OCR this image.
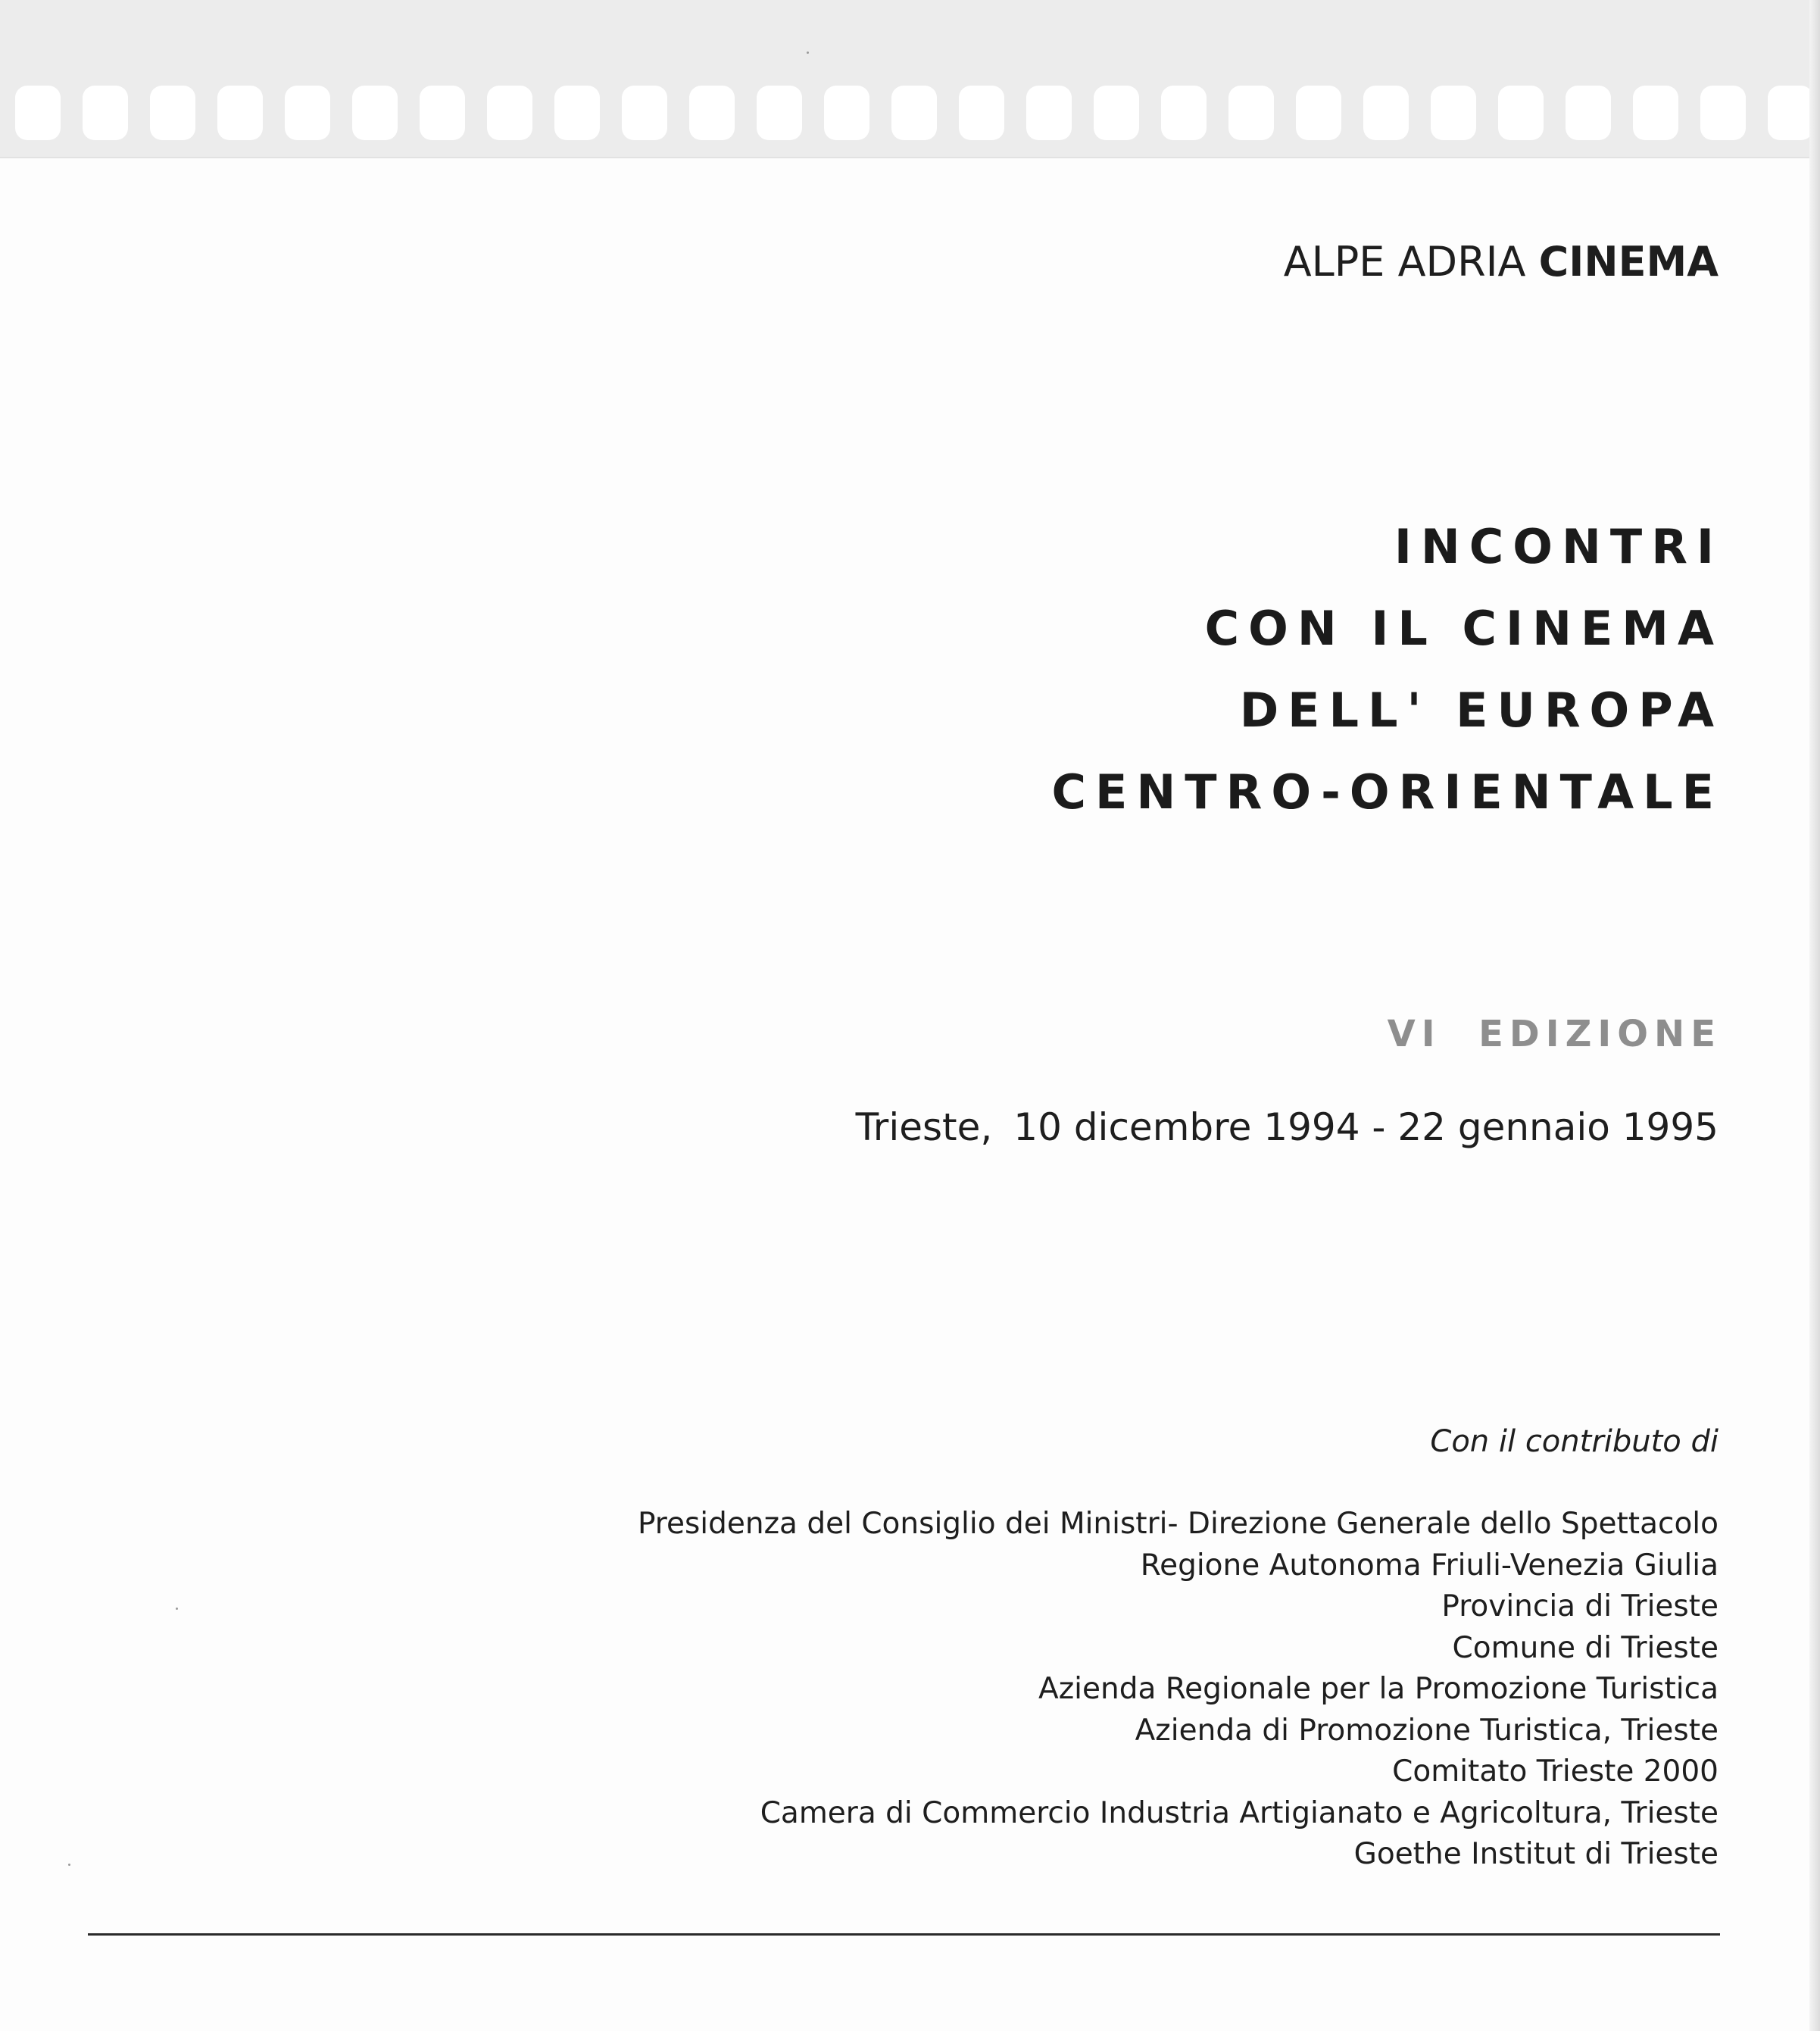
ALPE ADRIA CINEMA
INCONTRI
CON IL CINEMA
DELL' EUROPA
CENTRO-ORIENTALE
VI  EDIZIONE
Trieste, 10 dicembre 1994 - 22 gennaio 1995
Con il contributo di
Presidenza del Consiglio dei Ministri- Direzione Generale dello Spettacolo
Regione Autonoma Friuli-Venezia Giulia
Provincia di Trieste
Comune di Trieste
Azienda Regionale per la Promozione Turistica
Azienda di Promozione Turistica, Trieste
Comitato Trieste 2000
Camera di Commercio Industria Artigianato e Agricoltura, Trieste
Goethe Institut di Trieste
